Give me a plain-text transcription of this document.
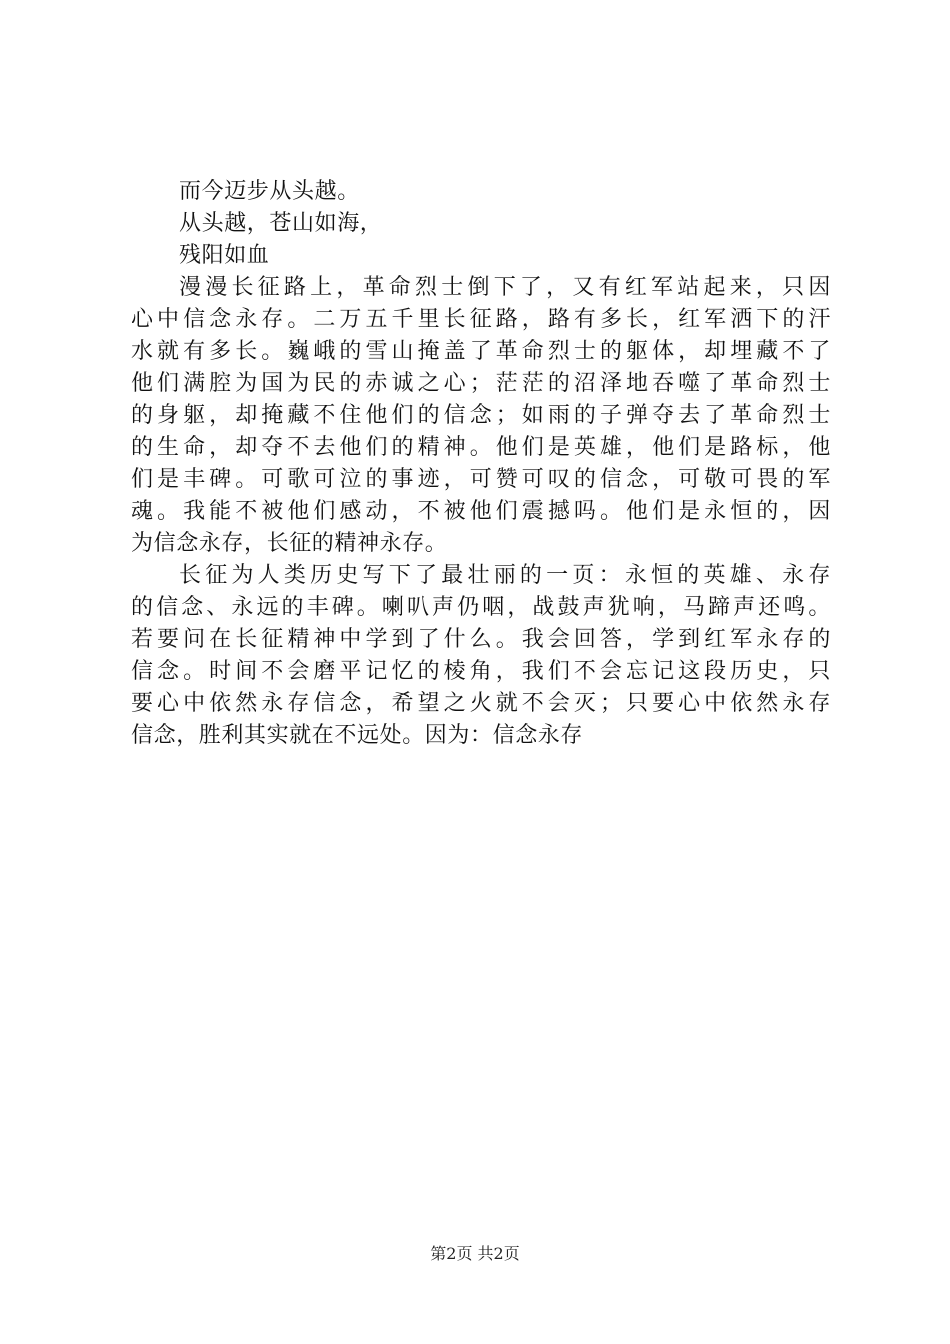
而今迈步从头越。
从头越，苍山如海，
残阳如血
漫漫长征路上，革命烈士倒下了，又有红军站起来，只因
心中信念永存。二万五千里长征路，路有多长，红军洒下的汗
水就有多长。巍峨的雪山掩盖了革命烈士的躯体，却埋藏不了
他们满腔为国为民的赤诚之心；茫茫的沼泽地吞噬了革命烈士
的身躯，却掩藏不住他们的信念；如雨的子弹夺去了革命烈士
的生命，却夺不去他们的精神。他们是英雄，他们是路标，他
们是丰碑。可歌可泣的事迹，可赞可叹的信念，可敬可畏的军
魂。我能不被他们感动，不被他们震撼吗。他们是永恒的，因
为信念永存，长征的精神永存。
长征为人类历史写下了最壮丽的一页：永恒的英雄、永存
的信念、永远的丰碑。喇叭声仍咽，战鼓声犹响，马蹄声还鸣。
若要问在长征精神中学到了什么。我会回答，学到红军永存的
信念。时间不会磨平记忆的棱角，我们不会忘记这段历史，只
要心中依然永存信念，希望之火就不会灭；只要心中依然永存
信念，胜利其实就在不远处。因为：信念永存
第2页 共2页
